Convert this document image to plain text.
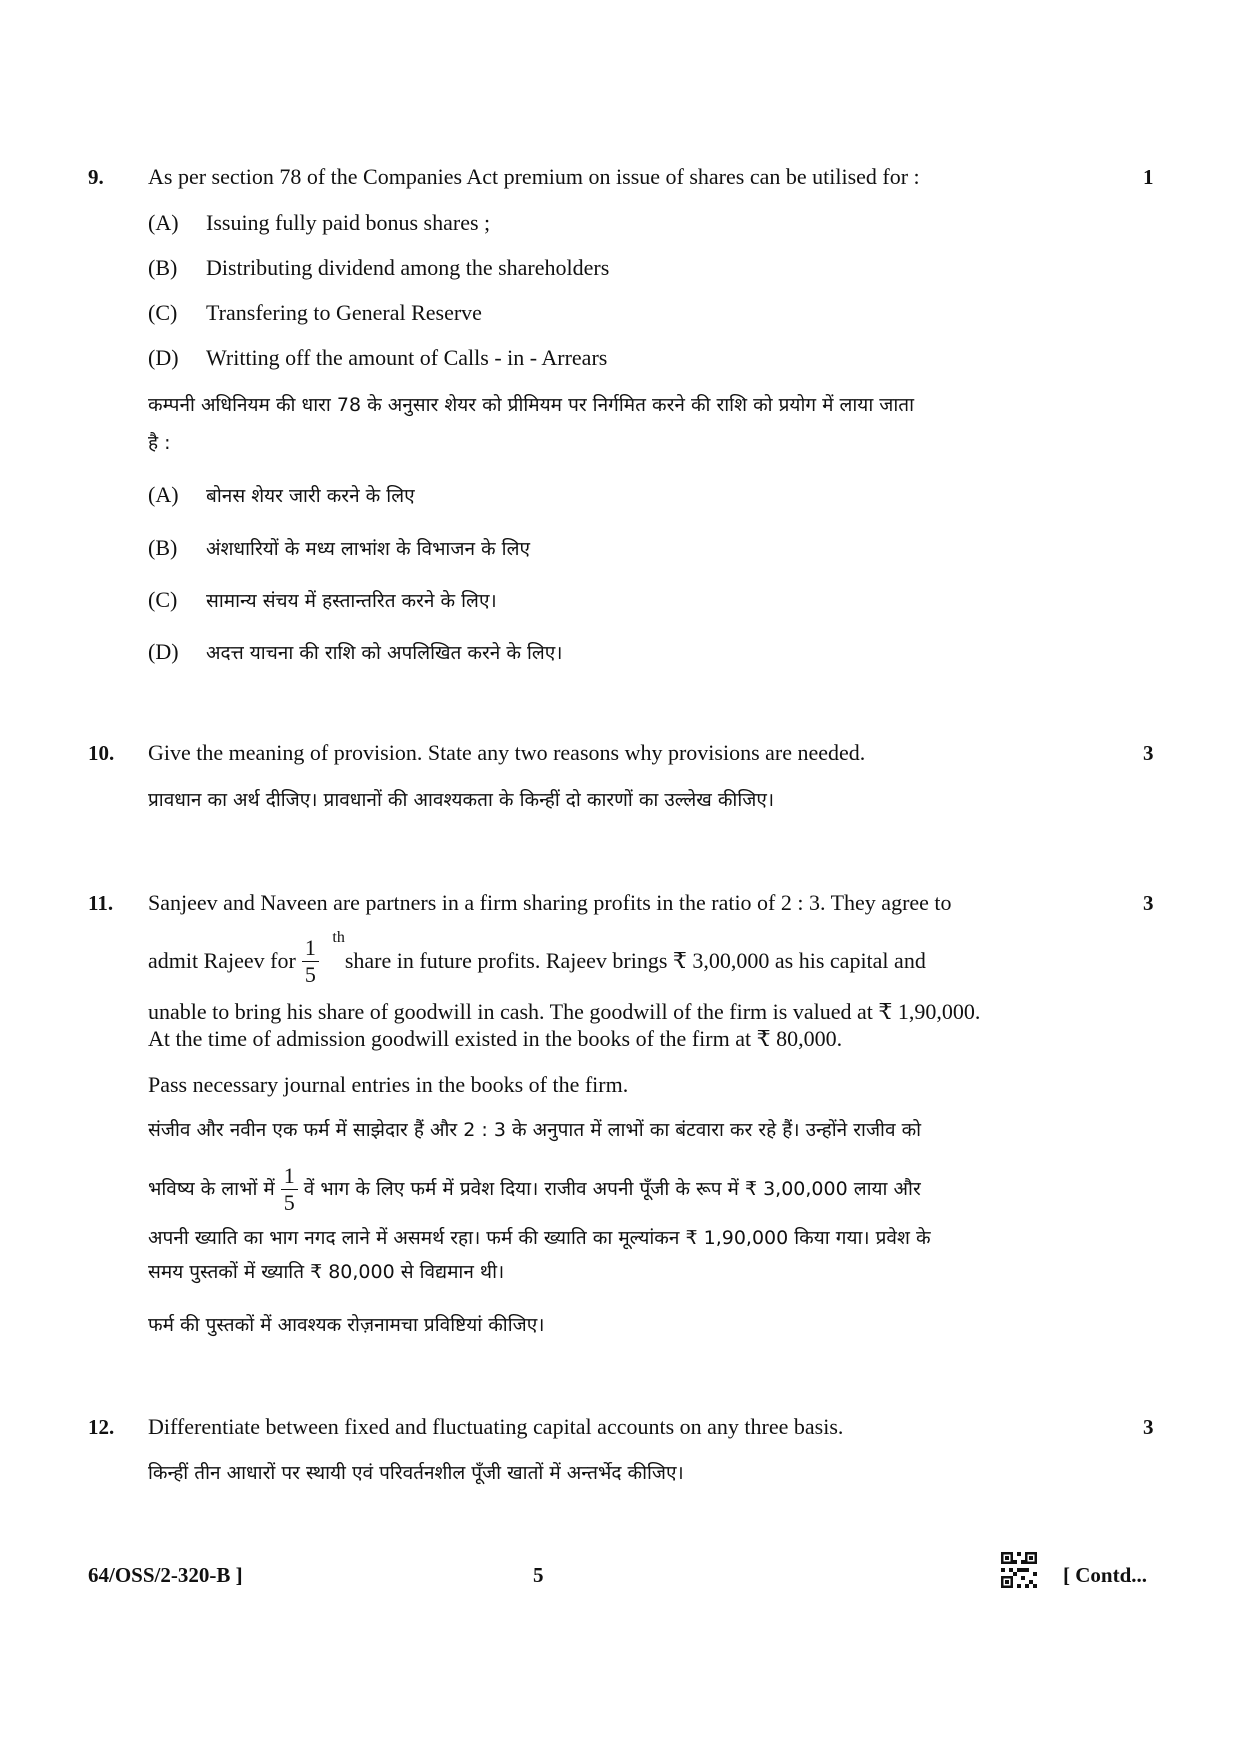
9. As per section 78 of the Companies Act premium on issue of shares can be utilised for :	1
(A) Issuing fully paid bonus shares ;
(B) Distributing dividend among the shareholders
(C) Transfering to General Reserve
(D) Writting off the amount of Calls - in - Arrears
कम्पनी अधिनियम की धारा 78 के अनुसार शेयर को प्रीमियम पर निर्गमित करने की राशि को प्रयोग में लाया जाता
है :
(A) बोनस शेयर जारी करने के लिए
(B) अंशधारियों के मध्य लाभांश के विभाजन के लिए
(C) सामान्य संचय में हस्तान्तरित करने के लिए।
(D) अदत्त याचना की राशि को अपलिखित करने के लिए।
10. Give the meaning of provision. State any two reasons why provisions are needed.	3
प्रावधान का अर्थ दीजिए। प्रावधानों की आवश्यकता के किन्हीं दो कारणों का उल्लेख कीजिए।
11. Sanjeev and Naveen are partners in a firm sharing profits in the ratio of 2 : 3. They agree to	3
admit Rajeev for
1
5
th
share in future profits. Rajeev brings ₹ 3,00,000 as his capital and
unable to bring his share of goodwill in cash. The goodwill of the firm is valued at ₹ 1,90,000.
At the time of admission goodwill existed in the books of the firm at ₹ 80,000.
Pass necessary journal entries in the books of the firm.
संजीव और नवीन एक फर्म में साझेदार हैं और 2 : 3 के अनुपात में लाभों का बंटवारा कर रहे हैं। उन्होंने राजीव को
भविष्य के लाभों में $\frac{1}{5}$ वें भाग के लिए फर्म में प्रवेश दिया। राजीव अपनी पूँजी के रूप में ₹ 3,00,000 लाया और
अपनी ख्याति का भाग नगद लाने में असमर्थ रहा। फर्म की ख्याति का मूल्यांकन ₹ 1,90,000 किया गया। प्रवेश के
समय पुस्तकों में ख्याति ₹ 80,000 से विद्यमान थी।
फर्म की पुस्तकों में आवश्यक रोज़नामचा प्रविष्टियां कीजिए।
12. Differentiate between fixed and fluctuating capital accounts on any three basis.	3
किन्हीं तीन आधारों पर स्थायी एवं परिवर्तनशील पूँजी खातों में अन्तर्भेद कीजिए।
64/OSS/2-320-B ]	5	[ Contd...
